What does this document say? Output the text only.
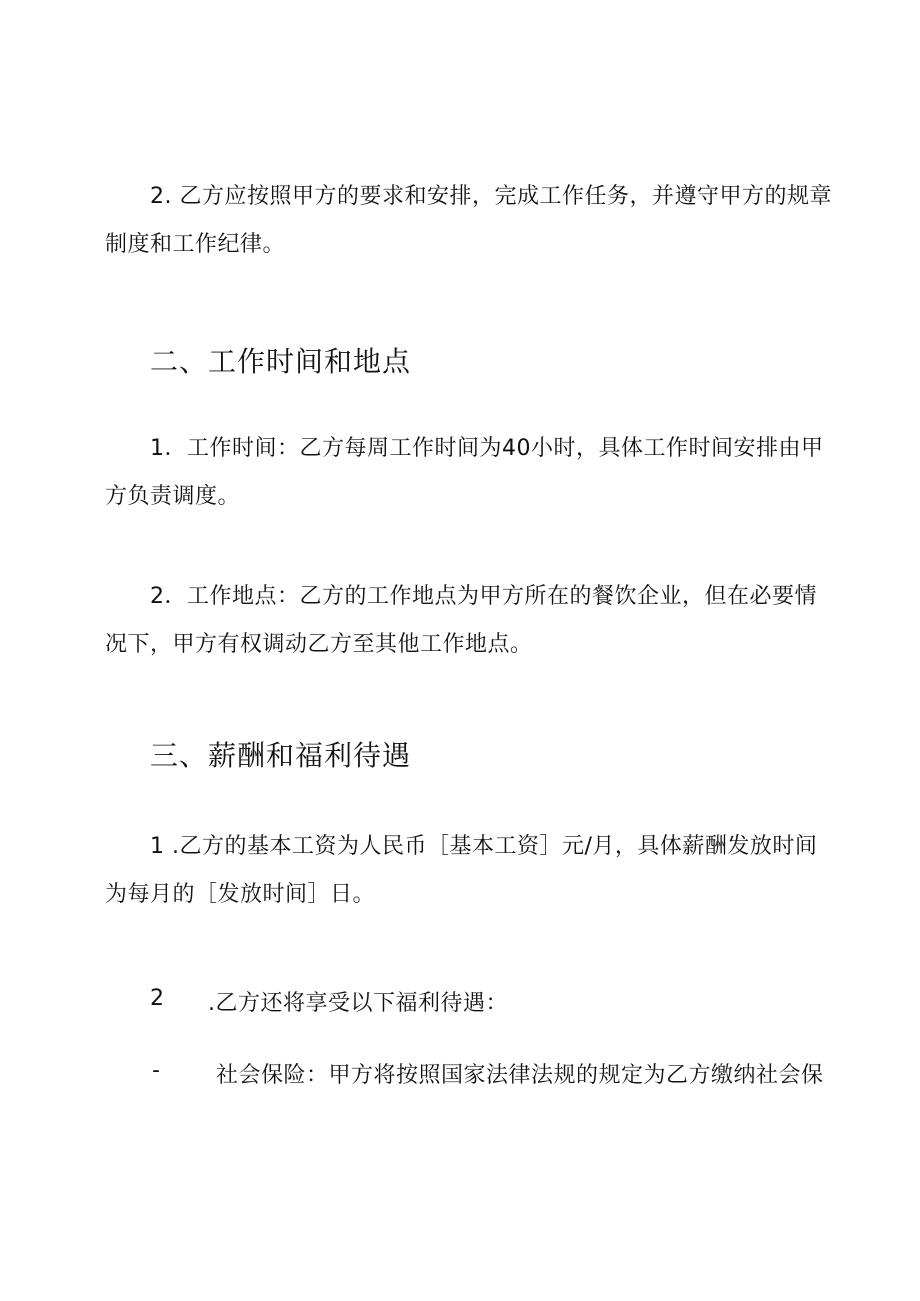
2. 乙方应按照甲方的要求和安排，完成工作任务，并遵守甲方的规章
制度和工作纪律。
二、工作时间和地点
1．工作时间：乙方每周工作时间为40小时，具体工作时间安排由甲
方负责调度。
2．工作地点：乙方的工作地点为甲方所在的餐饮企业，但在必要情
况下，甲方有权调动乙方至其他工作地点。
三、薪酬和福利待遇
1 .乙方的基本工资为人民币［基本工资］元/月，具体薪酬发放时间
为每月的［发放时间］日。
2 .乙方还将享受以下福利待遇：
-	社会保险：甲方将按照国家法律法规的规定为乙方缴纳社会保
